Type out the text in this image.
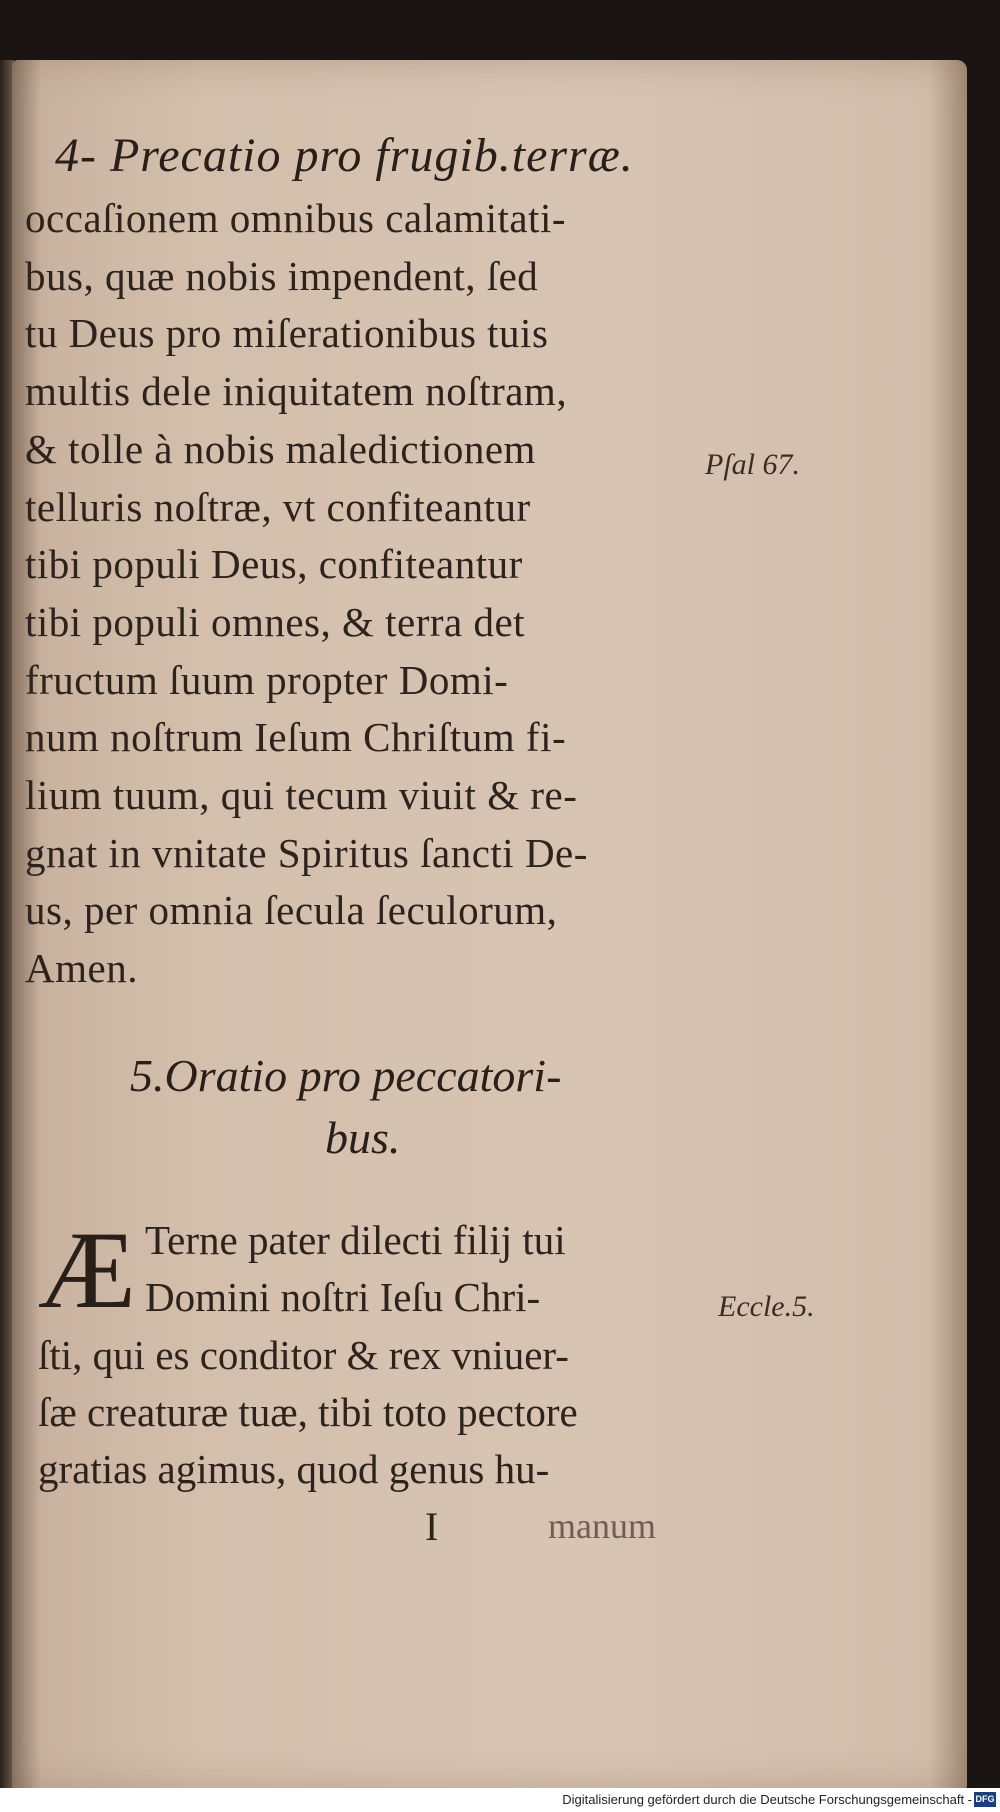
4- Precatio pro frugib.terræ.
occaſionem omnibus calamitati-
bus, quæ nobis impendent, ſed
tu Deus pro miſerationibus tuis
multis dele iniquitatem noſtram,
& tolle à nobis maledictionem
telluris noſtræ, vt confiteantur
tibi populi Deus, confiteantur
tibi populi omnes, & terra det
fructum ſuum propter Domi-
num noſtrum Ieſum Chriſtum fi-
lium tuum, qui tecum viuit & re-
gnat in vnitate Spiritus ſancti De-
us, per omnia ſecula ſeculorum,
Amen.
Pſal 67.
5.Oratio pro peccatori-
bus.
Æ Terne pater dilecti filij tui
Domini noſtri Ieſu Chri-	Eccle.5.
ſti, qui es conditor & rex vniuer-
ſæ creaturæ tuæ, tibi toto pectore
gratias agimus, quod genus hu-
I	manum
Digitalisierung gefördert durch die Deutsche Forschungsgemeinschaft - DFG
